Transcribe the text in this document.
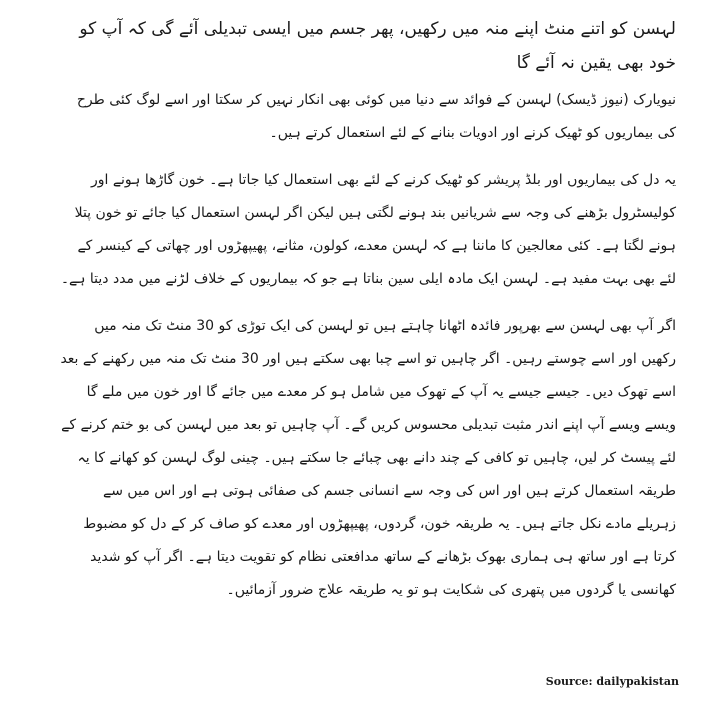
لہسن کو اتنے منٹ اپنے منہ میں رکھیں، پھر جسم میں ایسی تبدیلی آئے گی کہ آپ کو خود بھی یقین نہ آئے گا

نیویارک (نیوز ڈیسک) لہسن کے فوائد سے دنیا میں کوئی بھی انکار نہیں کر سکتا اور اسے لوگ کئی طرح کی بیماریوں کو ٹھیک کرنے اور ادویات بنانے کے لئے استعمال کرتے ہیں۔

یہ دل کی بیماریوں اور بلڈ پریشر کو ٹھیک کرنے کے لئے بھی استعمال کیا جاتا ہے۔ خون گاڑھا ہونے اور کولیسٹرول بڑھنے کی وجہ سے شریانیں بند ہونے لگتی ہیں لیکن اگر لہسن استعمال کیا جائے تو خون پتلا ہونے لگتا ہے۔ کئی معالجین کا ماننا ہے کہ لہسن معدے، کولون، مثانے، پھیپھڑوں اور چھاتی کے کینسر کے لئے بھی بہت مفید ہے۔ لہسن ایک مادہ ایلی سین بناتا ہے جو کہ بیماریوں کے خلاف لڑنے میں مدد دیتا ہے۔

اگر آپ بھی لہسن سے بھرپور فائدہ اٹھانا چاہتے ہیں تو لہسن کی ایک توڑی کو 30 منٹ تک منہ میں رکھیں اور اسے چوستے رہیں۔ اگر چاہیں تو اسے چبا بھی سکتے ہیں اور 30 منٹ تک منہ میں رکھنے کے بعد اسے تھوک دیں۔ جیسے جیسے یہ آپ کے تھوک میں شامل ہو کر معدے میں جائے گا اور خون میں ملے گا ویسے ویسے آپ اپنے اندر مثبت تبدیلی محسوس کریں گے۔ آپ چاہیں تو بعد میں لہسن کی بو ختم کرنے کے لئے پیسٹ کر لیں، چاہیں تو کافی کے چند دانے بھی چبائے جا سکتے ہیں۔ چینی لوگ لہسن کو کھانے کا یہ طریقہ استعمال کرتے ہیں اور اس کی وجہ سے انسانی جسم کی صفائی ہوتی ہے اور اس میں سے زہریلے مادے نکل جاتے ہیں۔ یہ طریقہ خون، گردوں، پھیپھڑوں اور معدے کو صاف کر کے دل کو مضبوط کرتا ہے اور ساتھ ہی ہماری بھوک بڑھانے کے ساتھ مدافعتی نظام کو تقویت دیتا ہے۔ اگر آپ کو شدید کھانسی یا گردوں میں پتھری کی شکایت ہو تو یہ طریقہ علاج ضرور آزمائیں۔

Source: dailypakistan
